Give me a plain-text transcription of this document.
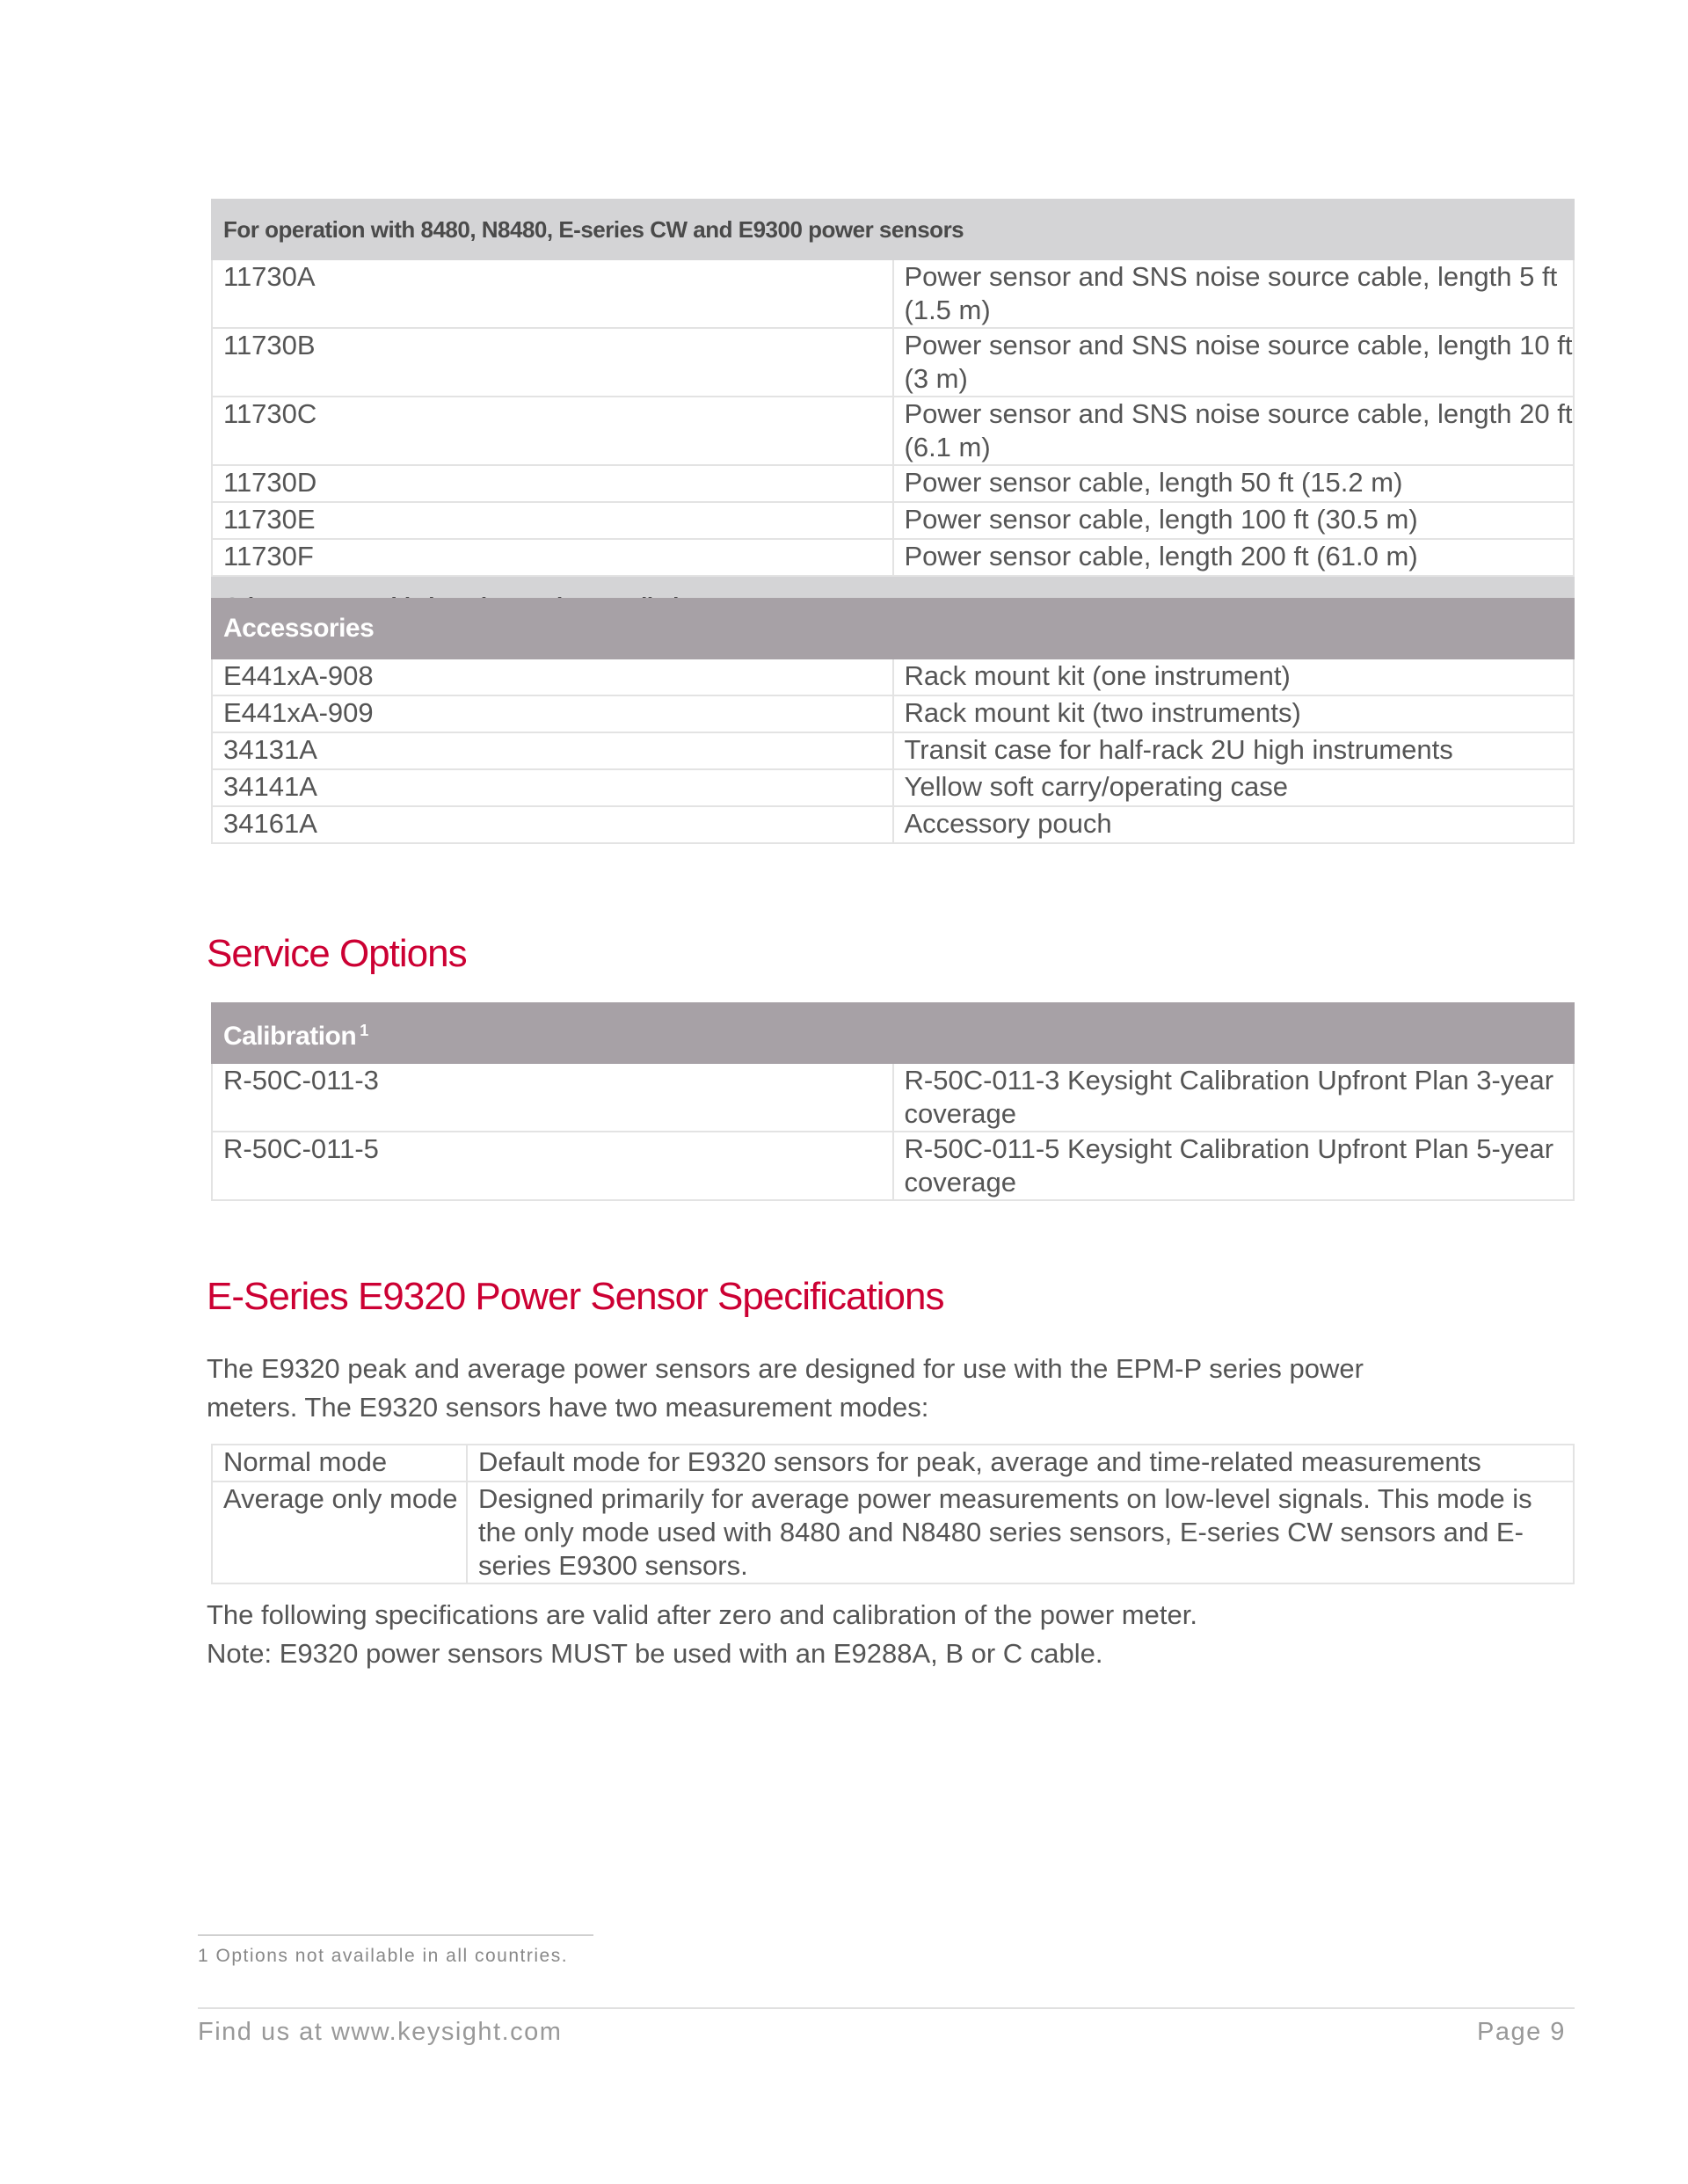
For operation with 8480, N8480, E-series CW and E9300 power sensors	
11730A	Power sensor and SNS noise source cable, length 5 ft (1.5 m)
11730B	Power sensor and SNS noise source cable, length 10 ft (3 m)
11730C	Power sensor and SNS noise source cable, length 20 ft (6.1 m)
11730D	Power sensor cable, length 50 ft (15.2 m)
11730E	Power sensor cable, length 100 ft (30.5 m)
11730F	Power sensor cable, length 200 ft (61.0 m)

Accessories	
E441xA-908	Rack mount kit (one instrument)
E441xA-909	Rack mount kit (two instruments)
34131A	Transit case for half-rack 2U high instruments
34141A	Yellow soft carry/operating case
34161A	Accessory pouch
Service Options
Calibration $^1$
R-50C-011-3	R-50C-011-3 Keysight Calibration Upfront Plan 3-year coverage
R-50C-011-5	R-50C-011-5 Keysight Calibration Upfront Plan 5-year coverage
E-Series E9320 Power Sensor Specifications
The E9320 peak and average power sensors are designed for use with the EPM-P series power
meters. The E9320 sensors have two measurement modes:
Normal mode	Default mode for E9320 sensors for peak, average and time-related measurements
Average only mode	Designed primarily for average power measurements on low-level signals. This mode is the only mode used with 8480 and N8480 series sensors, E-series CW sensors and E-series E9300 sensors.
The following specifications are valid after zero and calibration of the power meter.
Note: E9320 power sensors MUST be used with an E9288A, B or C cable.
1 Options not available in all countries.
Find us at www.keysight.com	Page 9
